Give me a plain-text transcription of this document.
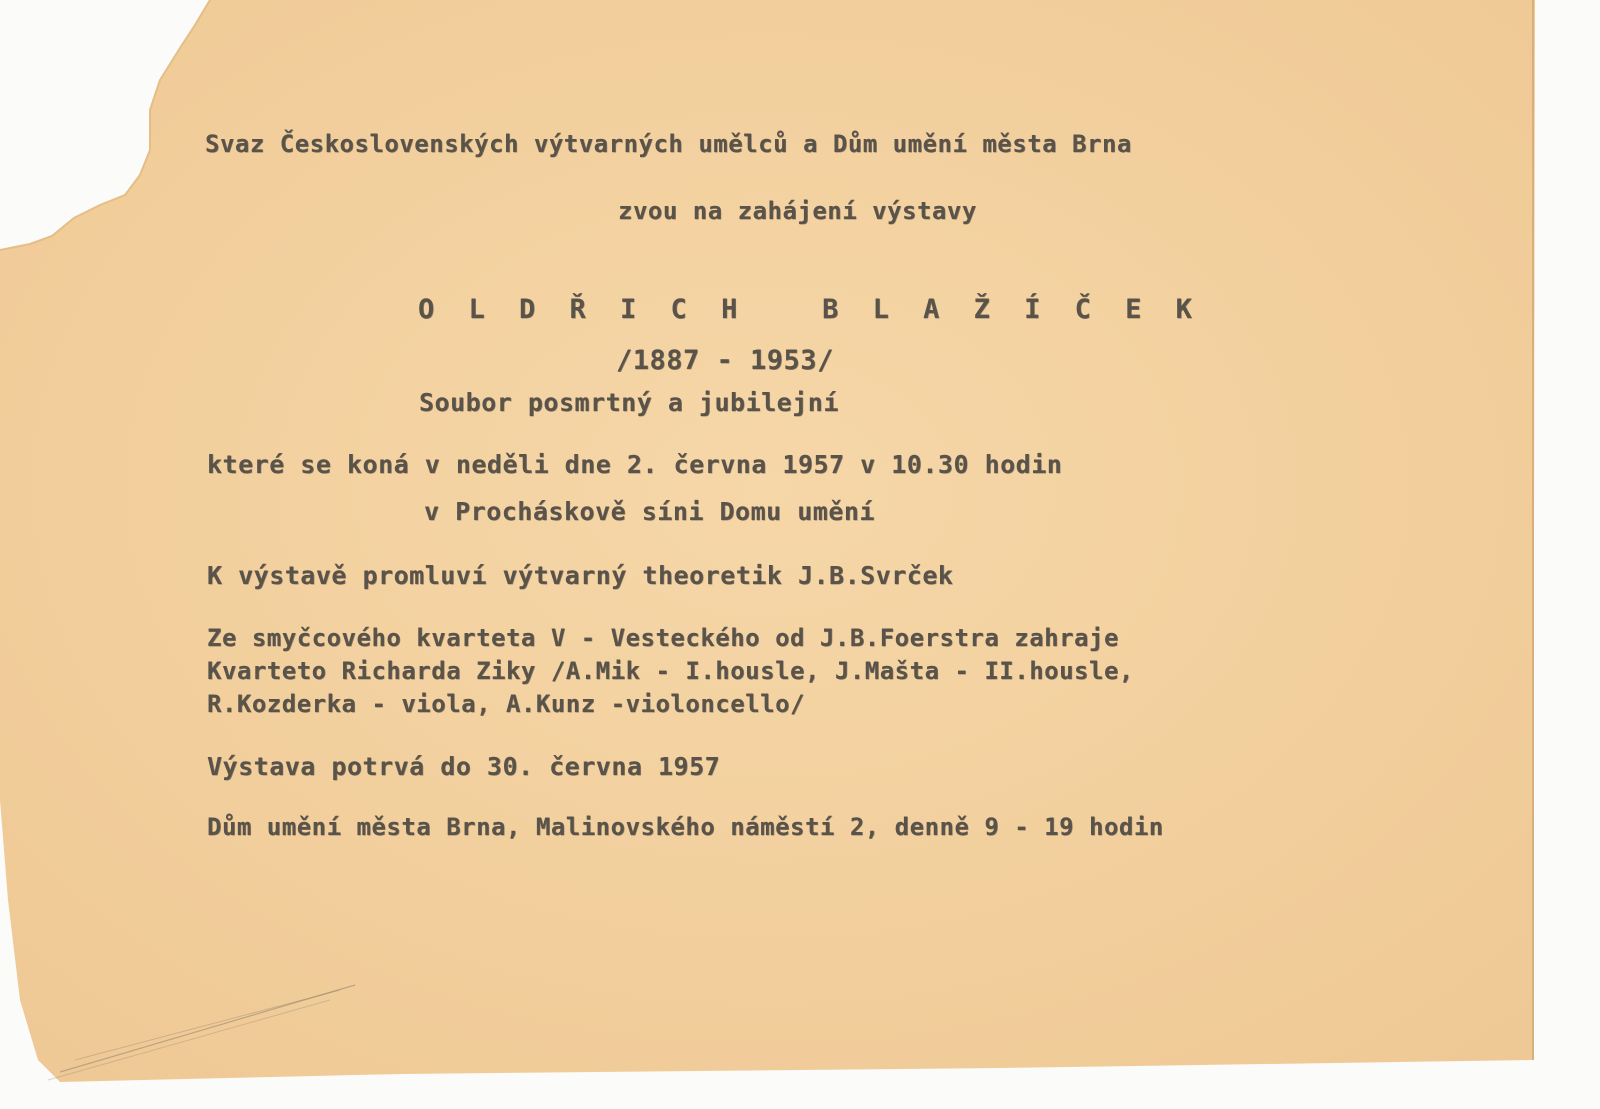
Svaz Československých výtvarných umělců a Dům umění města Brna

zvou na zahájení výstavy

O L D Ř I C H   B L A Ž Í Č E K

/1887 - 1953/

Soubor posmrtný a jubilejní

které se koná v neděli dne 2. června 1957 v 10.30 hodin

v Procháskově síni Domu umění

K výstavě promluví výtvarný theoretik J.B.Svrček

Ze smyčcového kvarteta V - Vesteckého od J.B.Foerstra zahraje

Kvarteto Richarda Ziky /A.Mik - I.housle, J.Mašta - II.housle,

R.Kozderka - viola, A.Kunz -violoncello/

Výstava potrvá do 30. června 1957

Dům umění města Brna, Malinovského náměstí 2, denně 9 - 19 hodin
